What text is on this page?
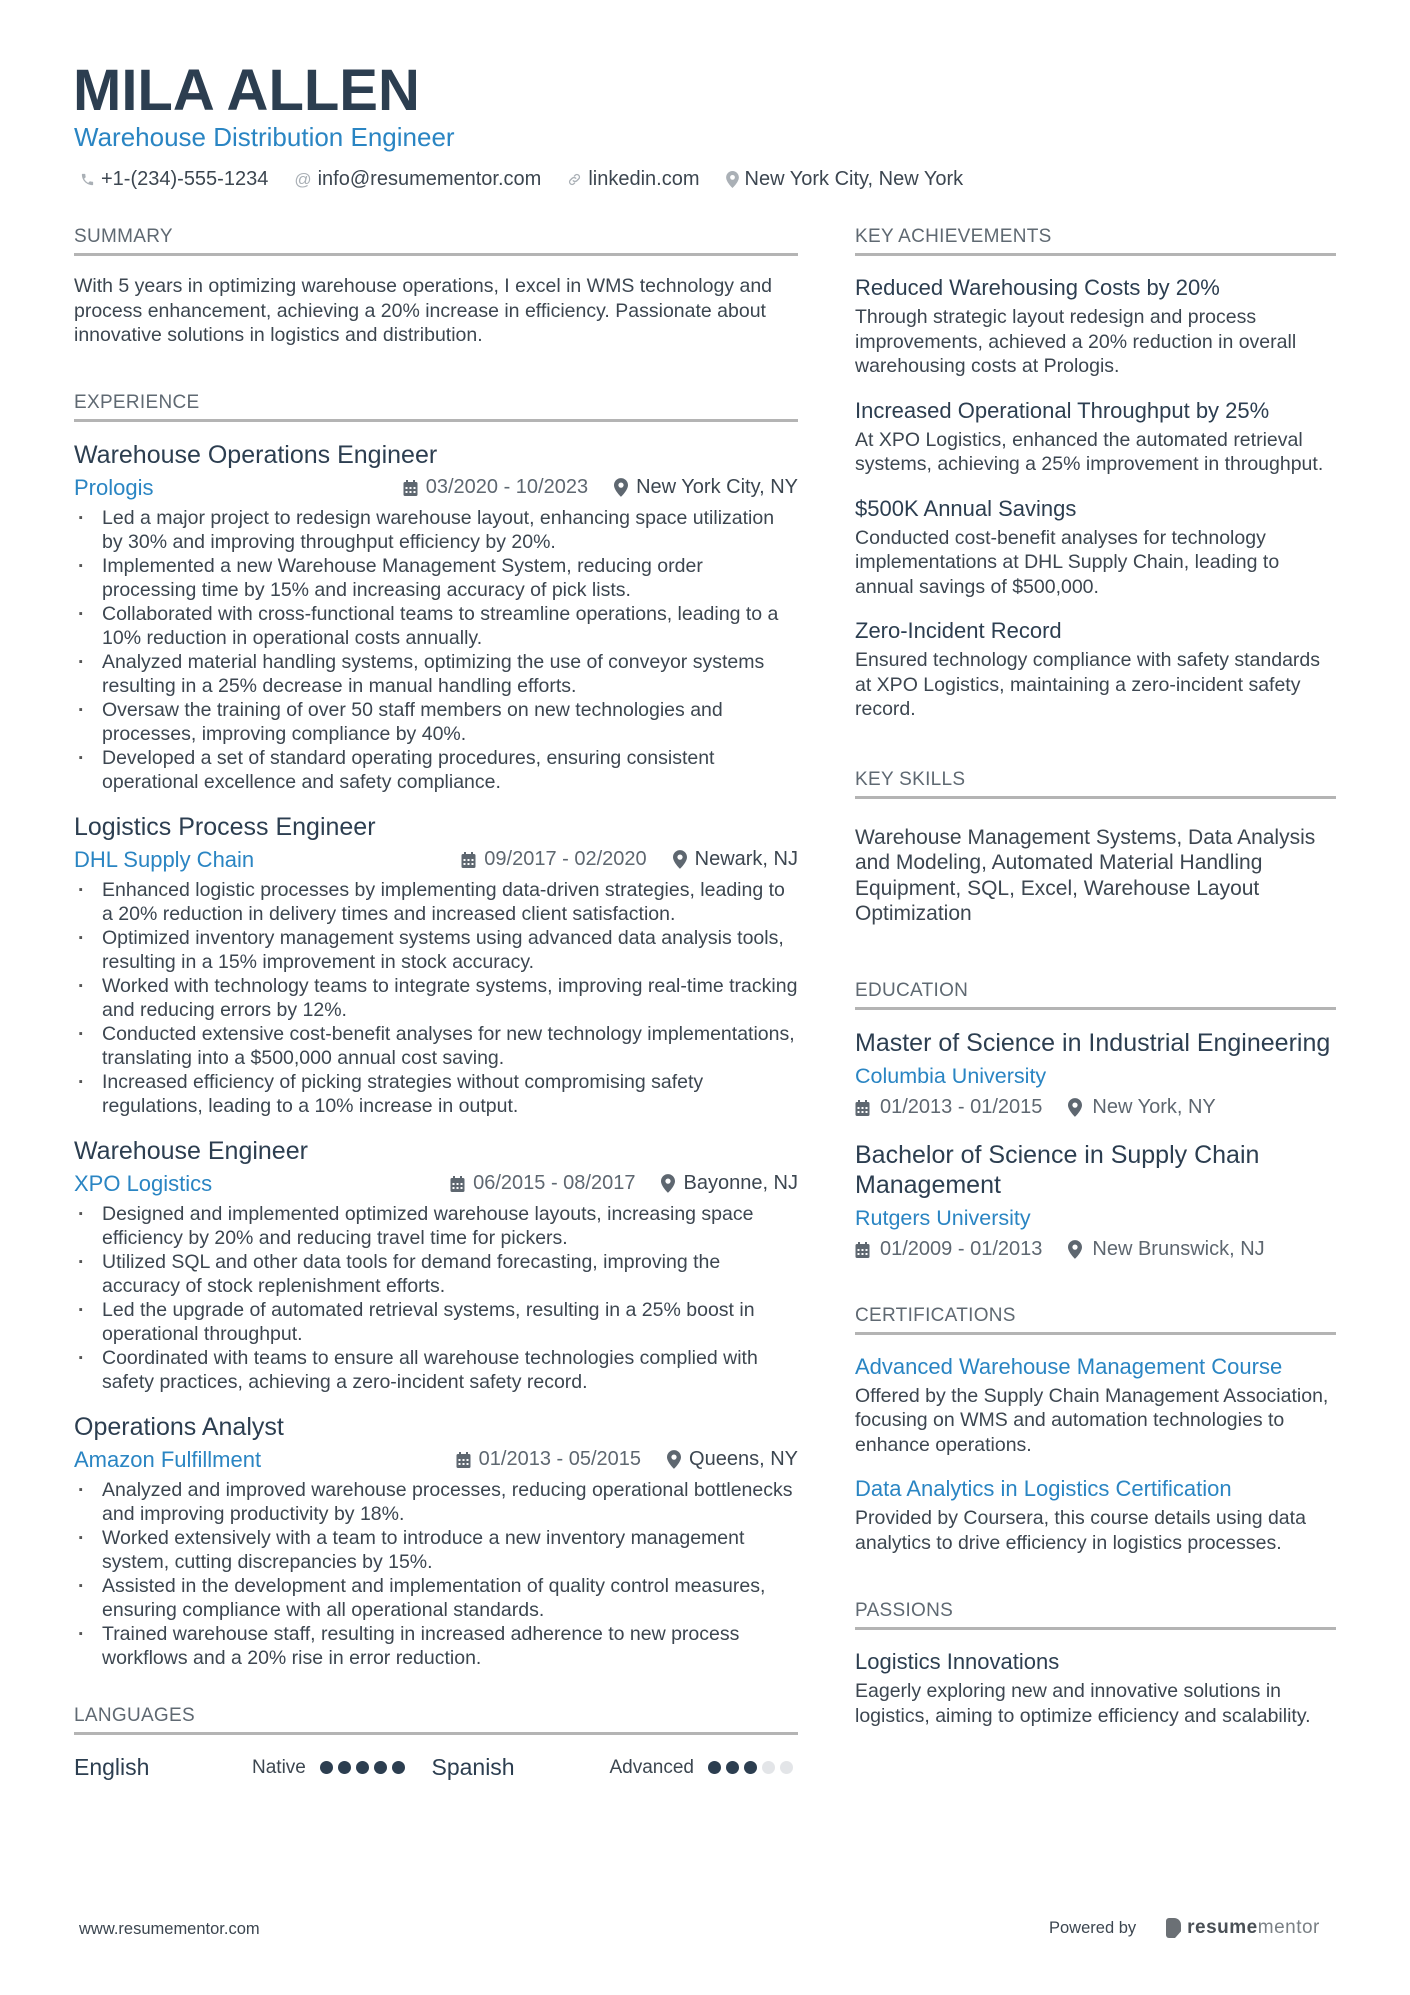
MILA ALLEN
Warehouse Distribution Engineer
+1-(234)-555-1234 @ info@resumementor.com linkedin.com New York City, New York
SUMMARY
With 5 years in optimizing warehouse operations, I excel in WMS technology and process enhancement, achieving a 20% increase in efficiency. Passionate about innovative solutions in logistics and distribution.
EXPERIENCE
Warehouse Operations Engineer
Prologis	03/2020 - 10/2023 New York City, NY
· Led a major project to redesign warehouse layout, enhancing space utilization by 30% and improving throughput efficiency by 20%.
· Implemented a new Warehouse Management System, reducing order processing time by 15% and increasing accuracy of pick lists.
· Collaborated with cross-functional teams to streamline operations, leading to a 10% reduction in operational costs annually.
· Analyzed material handling systems, optimizing the use of conveyor systems resulting in a 25% decrease in manual handling efforts.
· Oversaw the training of over 50 staff members on new technologies and processes, improving compliance by 40%.
· Developed a set of standard operating procedures, ensuring consistent operational excellence and safety compliance.
Logistics Process Engineer
DHL Supply Chain	09/2017 - 02/2020 Newark, NJ
· Enhanced logistic processes by implementing data-driven strategies, leading to a 20% reduction in delivery times and increased client satisfaction.
· Optimized inventory management systems using advanced data analysis tools, resulting in a 15% improvement in stock accuracy.
· Worked with technology teams to integrate systems, improving real-time tracking and reducing errors by 12%.
· Conducted extensive cost-benefit analyses for new technology implementations, translating into a $500,000 annual cost saving.
· Increased efficiency of picking strategies without compromising safety regulations, leading to a 10% increase in output.
Warehouse Engineer
XPO Logistics	06/2015 - 08/2017 Bayonne, NJ
· Designed and implemented optimized warehouse layouts, increasing space efficiency by 20% and reducing travel time for pickers.
· Utilized SQL and other data tools for demand forecasting, improving the accuracy of stock replenishment efforts.
· Led the upgrade of automated retrieval systems, resulting in a 25% boost in operational throughput.
· Coordinated with teams to ensure all warehouse technologies complied with safety practices, achieving a zero-incident safety record.
Operations Analyst
Amazon Fulfillment	01/2013 - 05/2015 Queens, NY
· Analyzed and improved warehouse processes, reducing operational bottlenecks and improving productivity by 18%.
· Worked extensively with a team to introduce a new inventory management system, cutting discrepancies by 15%.
· Assisted in the development and implementation of quality control measures, ensuring compliance with all operational standards.
· Trained warehouse staff, resulting in increased adherence to new process workflows and a 20% rise in error reduction.
LANGUAGES
English	Native	Spanish	Advanced
KEY ACHIEVEMENTS
Reduced Warehousing Costs by 20%
Through strategic layout redesign and process improvements, achieved a 20% reduction in overall warehousing costs at Prologis.
Increased Operational Throughput by 25%
At XPO Logistics, enhanced the automated retrieval systems, achieving a 25% improvement in throughput.
$500K Annual Savings
Conducted cost-benefit analyses for technology implementations at DHL Supply Chain, leading to annual savings of $500,000.
Zero-Incident Record
Ensured technology compliance with safety standards at XPO Logistics, maintaining a zero-incident safety record.
KEY SKILLS
Warehouse Management Systems, Data Analysis and Modeling, Automated Material Handling Equipment, SQL, Excel, Warehouse Layout Optimization
EDUCATION
Master of Science in Industrial Engineering
Columbia University
01/2013 - 01/2015	New York, NY
Bachelor of Science in Supply Chain Management
Rutgers University
01/2009 - 01/2013	New Brunswick, NJ
CERTIFICATIONS
Advanced Warehouse Management Course
Offered by the Supply Chain Management Association, focusing on WMS and automation technologies to enhance operations.
Data Analytics in Logistics Certification
Provided by Coursera, this course details using data analytics to drive efficiency in logistics processes.
PASSIONS
Logistics Innovations
Eagerly exploring new and innovative solutions in logistics, aiming to optimize efficiency and scalability.
www.resumementor.com	Powered by	resume mentor
